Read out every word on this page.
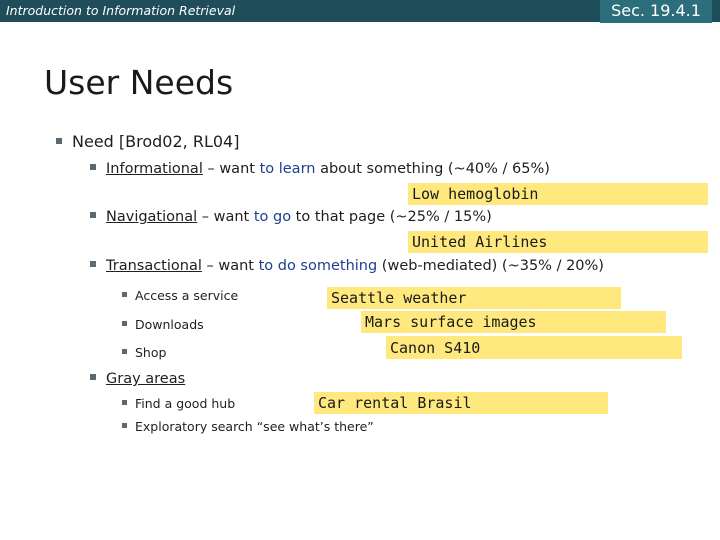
Introduction to Information Retrieval	Sec. 19.4.1
User Needs
Need [Brod02, RL04]
Informational – want to learn about something (~40% / 65%)
Low hemoglobin
Navigational – want to go to that page (~25% / 15%)
United Airlines
Transactional – want to do something (web-mediated) (~35% / 20%)
Access a service
Downloads
Shop
Seattle weather
Mars surface images
Canon S410
Gray areas
Find a good hub
Exploratory search “see what’s there”
Car rental Brasil
